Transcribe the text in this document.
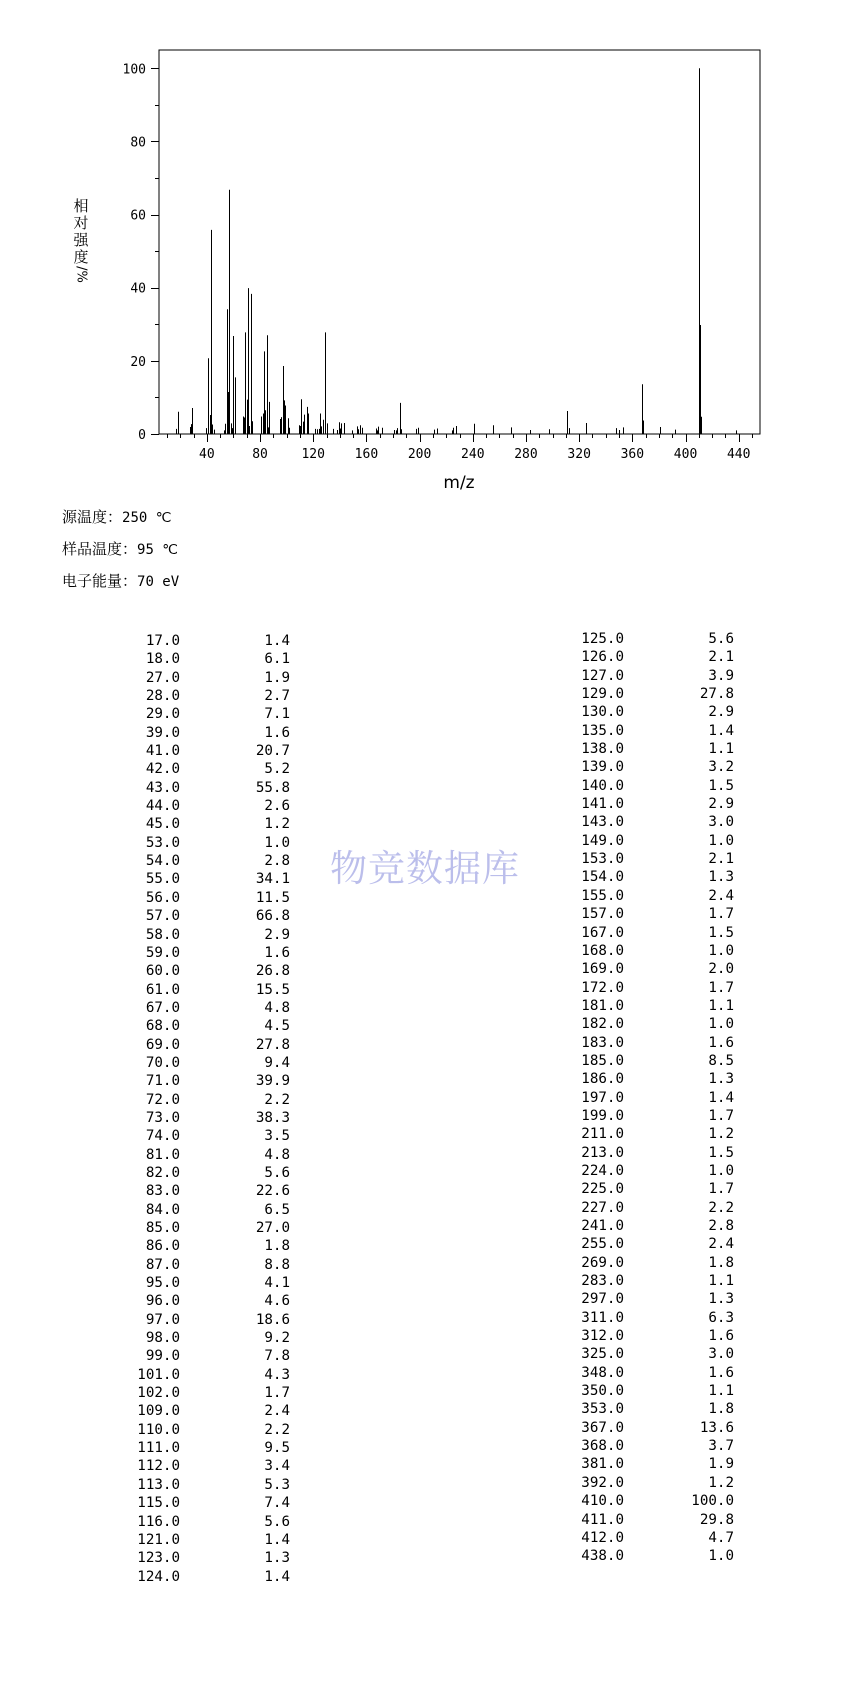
0
20
40
60
80
100
40	80	120 160 200 240 280 320 360 400 440
m/z
相
对
强
度
/%
源温度：250 ℃
样品温度：95 ℃
电子能量：70 eV
17.0	1.4
18.0	6.1
27.0	1.9
28.0	2.7
29.0	7.1
39.0	1.6
41.0	20.7
42.0	5.2
43.0	55.8
44.0	2.6
45.0	1.2
53.0	1.0
54.0	2.8
55.0	34.1
56.0	11.5
57.0	66.8
58.0	2.9
59.0	1.6
60.0	26.8
61.0	15.5
67.0	4.8
68.0	4.5
69.0	27.8
70.0	9.4
71.0	39.9
72.0	2.2
73.0	38.3
74.0	3.5
81.0	4.8
82.0	5.6
83.0	22.6
84.0	6.5
85.0	27.0
86.0	1.8
87.0	8.8
95.0	4.1
96.0	4.6
97.0	18.6
98.0	9.2
99.0	7.8
101.0	4.3
102.0	1.7
109.0	2.4
110.0	2.2
111.0	9.5
112.0	3.4
113.0	5.3
115.0	7.4
116.0	5.6
121.0	1.4
123.0	1.3
124.0	1.4
125.0	5.6
126.0	2.1
127.0	3.9
129.0	27.8
130.0	2.9
135.0	1.4
138.0	1.1
139.0	3.2
140.0	1.5
141.0	2.9
143.0	3.0
149.0	1.0
153.0	2.1
154.0	1.3
155.0	2.4
157.0	1.7
167.0	1.5
168.0	1.0
169.0	2.0
172.0	1.7
181.0	1.1
182.0	1.0
183.0	1.6
185.0	8.5
186.0	1.3
197.0	1.4
199.0	1.7
211.0	1.2
213.0	1.5
224.0	1.0
225.0	1.7
227.0	2.2
241.0	2.8
255.0	2.4
269.0	1.8
283.0	1.1
297.0	1.3
311.0	6.3
312.0	1.6
325.0	3.0
348.0	1.6
350.0	1.1
353.0	1.8
367.0	13.6
368.0	3.7
381.0	1.9
392.0	1.2
410.0	100.0
411.0	29.8
412.0	4.7
438.0	1.0
物竞数据库
